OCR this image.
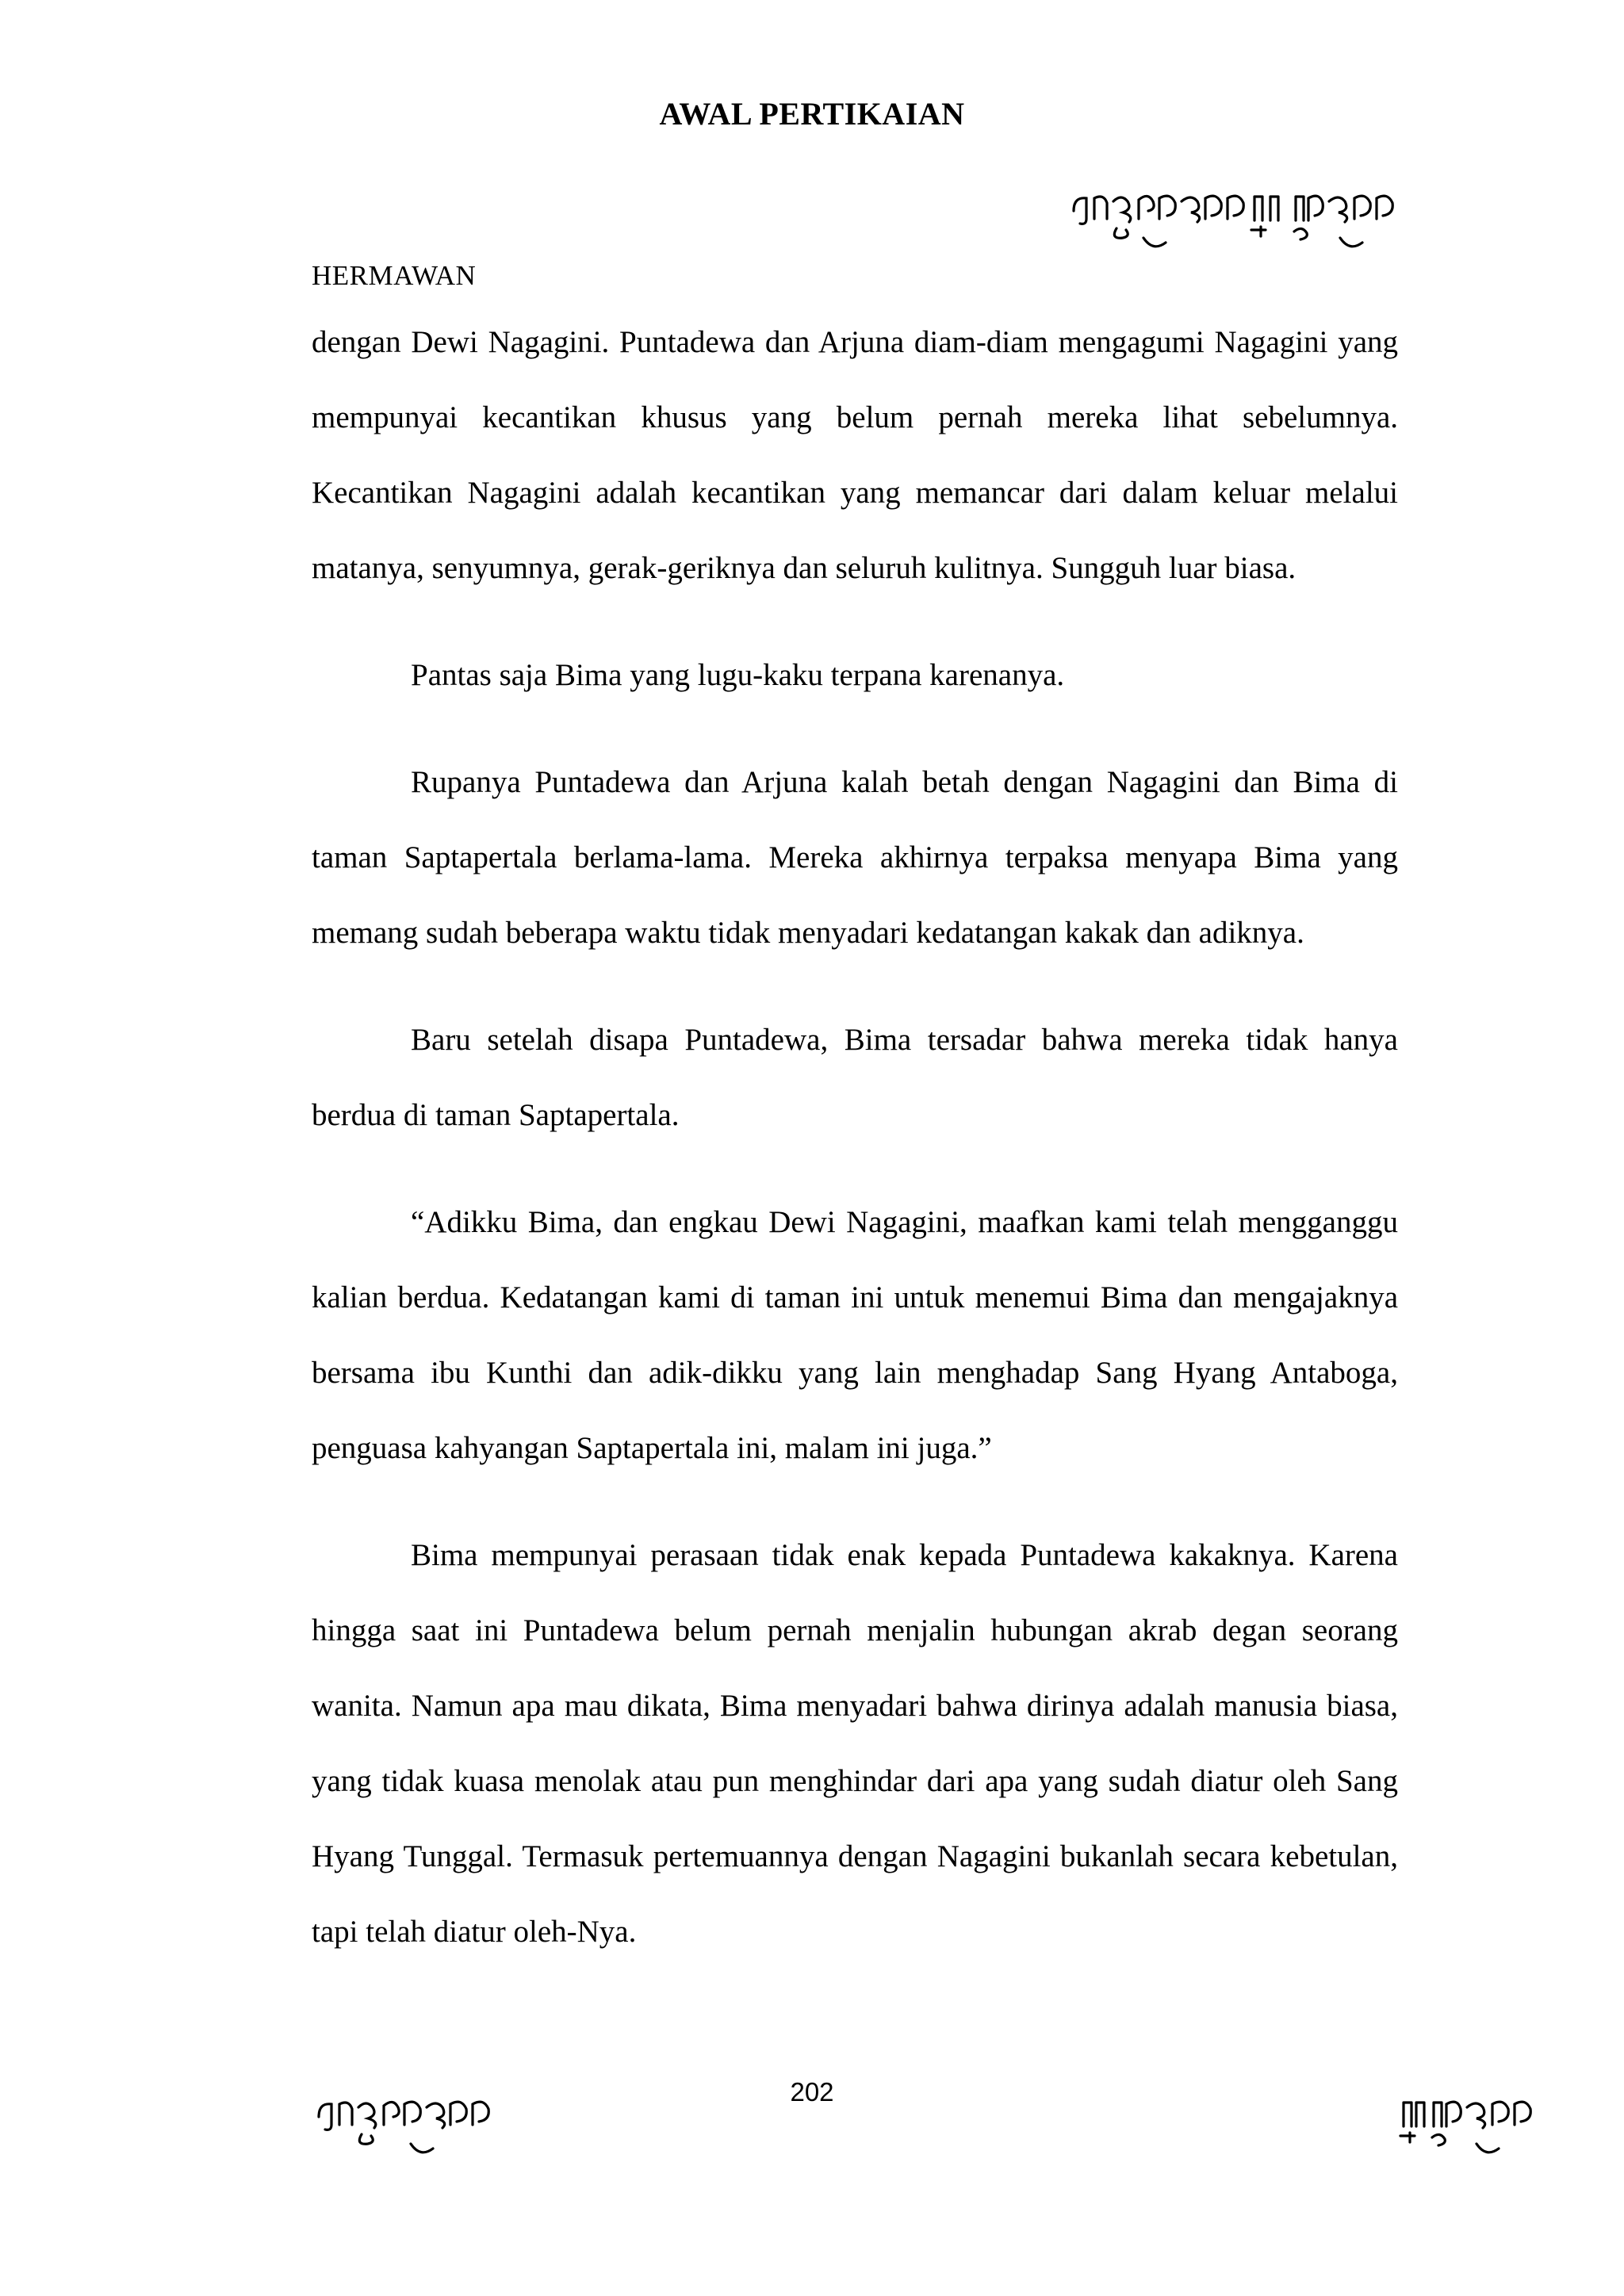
AWAL PERTIKAIAN
HERMAWAN

dengan Dewi Nagagini. Puntadewa dan Arjuna diam-diam mengagumi Nagagini yang mempunyai kecantikan khusus yang belum pernah mereka lihat sebelumnya. Kecantikan Nagagini adalah kecantikan yang memancar dari dalam keluar melalui matanya, senyumnya, gerak-geriknya dan seluruh kulitnya. Sungguh luar biasa.

Pantas saja Bima yang lugu-kaku terpana karenanya.

Rupanya Puntadewa dan Arjuna kalah betah dengan Nagagini dan Bima di taman Saptapertala berlama-lama. Mereka akhirnya terpaksa menyapa Bima yang memang sudah beberapa waktu tidak menyadari kedatangan kakak dan adiknya.

Baru setelah disapa Puntadewa, Bima tersadar bahwa mereka tidak hanya berdua di taman Saptapertala.

“Adikku Bima, dan engkau Dewi Nagagini, maafkan kami telah mengganggu kalian berdua. Kedatangan kami di taman ini untuk menemui Bima dan mengajaknya bersama ibu Kunthi dan adik-dikku yang lain menghadap Sang Hyang Antaboga, penguasa kahyangan Saptapertala ini, malam ini juga.”

Bima mempunyai perasaan tidak enak kepada Puntadewa kakaknya. Karena hingga saat ini Puntadewa belum pernah menjalin hubungan akrab degan seorang wanita. Namun apa mau dikata, Bima menyadari bahwa dirinya adalah manusia biasa, yang tidak kuasa menolak atau pun menghindar dari apa yang sudah diatur oleh Sang Hyang Tunggal. Termasuk pertemuannya dengan Nagagini bukanlah secara kebetulan, tapi telah diatur oleh-Nya.

202
